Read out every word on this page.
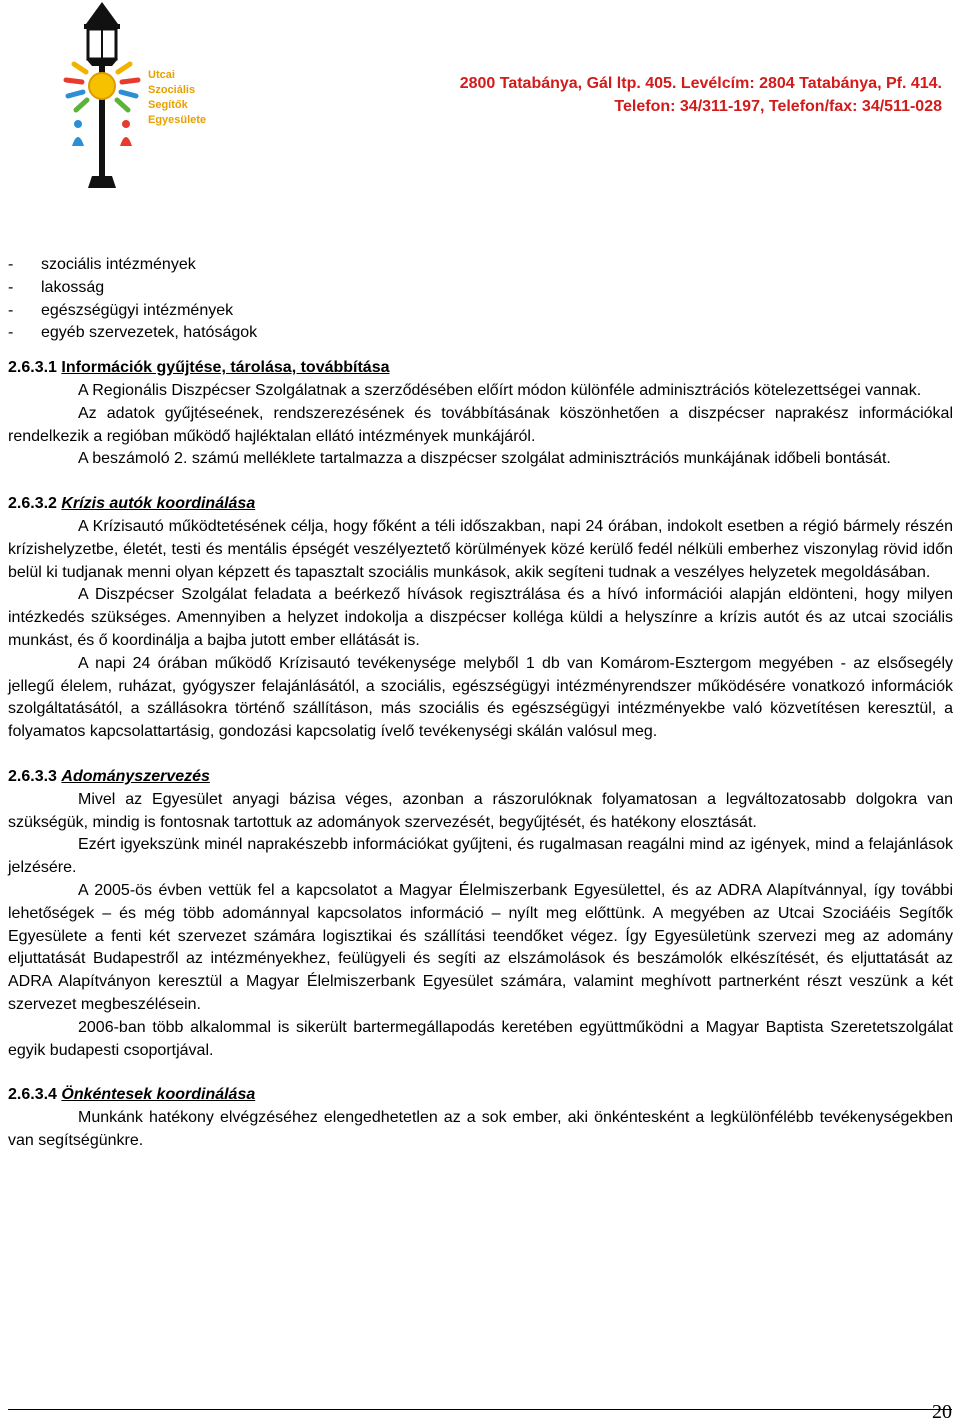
Utcai
Szociális
Segítők
Egyesülete
2800 Tatabánya, Gál ltp. 405. Levélcím: 2804 Tatabánya, Pf. 414.
Telefon: 34/311-197, Telefon/fax: 34/511-028
- szociális intézmények
- lakosság
- egészségügyi intézmények
- egyéb szervezetek, hatóságok
2.6.3.1 Információk gyűjtése, tárolása, továbbítása

A Regionális Diszpécser Szolgálatnak a szerződésében előírt módon különféle adminisztrációs kötelezettségei vannak.

Az adatok gyűjtéseének, rendszerezésének és továbbításának köszönhetően a diszpécser naprakész információkal rendelkezik a regióban működő hajléktalan ellátó intézmények munkájáról.

A beszámoló 2. számú melléklete tartalmazza a diszpécser szolgálat adminisztrációs munkájának időbeli bontását.

2.6.3.2 Krízis autók koordinálása

A Krízisautó működtetésének célja, hogy főként a téli időszakban, napi 24 órában, indokolt esetben a régió bármely részén krízishelyzetbe, életét, testi és mentális épségét veszélyeztető körülmények közé kerülő fedél nélküli emberhez viszonylag rövid időn belül ki tudjanak menni olyan képzett és tapasztalt szociális munkások, akik segíteni tudnak a veszélyes helyzetek megoldásában.

A Diszpécser Szolgálat feladata a beérkező hívások regisztrálása és a hívó információi alapján eldönteni, hogy milyen intézkedés szükséges. Amennyiben a helyzet indokolja a diszpécser kolléga küldi a helyszínre a krízis autót és az utcai szociális munkást, és ő koordinálja a bajba jutott ember ellátását is.

A napi 24 órában működő Krízisautó tevékenysége melyből 1 db van Komárom-Esztergom megyében - az elsősegély jellegű élelem, ruházat, gyógyszer felajánlásától, a szociális, egészségügyi intézményrendszer működésére vonatkozó információk szolgáltatásától, a szállásokra történő szállításon, más szociális és egészségügyi intézményekbe való közvetítésen keresztül, a folyamatos kapcsolattartásig, gondozási kapcsolatig ívelő tevékenységi skálán valósul meg.

2.6.3.3 Adományszervezés

Mivel az Egyesület anyagi bázisa véges, azonban a rászorulóknak folyamatosan a legváltozatosabb dolgokra van szükségük, mindig is fontosnak tartottuk az adományok szervezését, begyűjtését, és hatékony elosztását.

Ezért igyekszünk minél naprakészebb információkat gyűjteni, és rugalmasan reagálni mind az igények, mind a felajánlások jelzésére.

A 2005-ös évben vettük fel a kapcsolatot a Magyar Élelmiszerbank Egyesülettel, és az ADRA Alapítvánnyal, így további lehetőségek – és még több adománnyal kapcsolatos információ – nyílt meg előttünk. A megyében az Utcai Szociáéis Segítők Egyesülete a fenti két szervezet számára logisztikai és szállítási teendőket végez. Így Egyesületünk szervezi meg az adomány eljuttatását Budapestről az intézményekhez, feülügyeli és segíti az elszámolások és beszámolók elkészítését, és eljuttatását az ADRA Alapítványon keresztül a Magyar Élelmiszerbank Egyesület számára, valamint meghívott partnerként részt veszünk a két szervezet megbeszélésein.

2006-ban több alkalommal is sikerült bartermegállapodás keretében együttműködni a Magyar Baptista Szeretetszolgálat egyik budapesti csoportjával.

2.6.3.4 Önkéntesek koordinálása

Munkánk hatékony elvégzéséhez elengedhetetlen az a sok ember, aki önkéntesként a legkülönfélébb tevékenységekben van segítségünkre.

20
